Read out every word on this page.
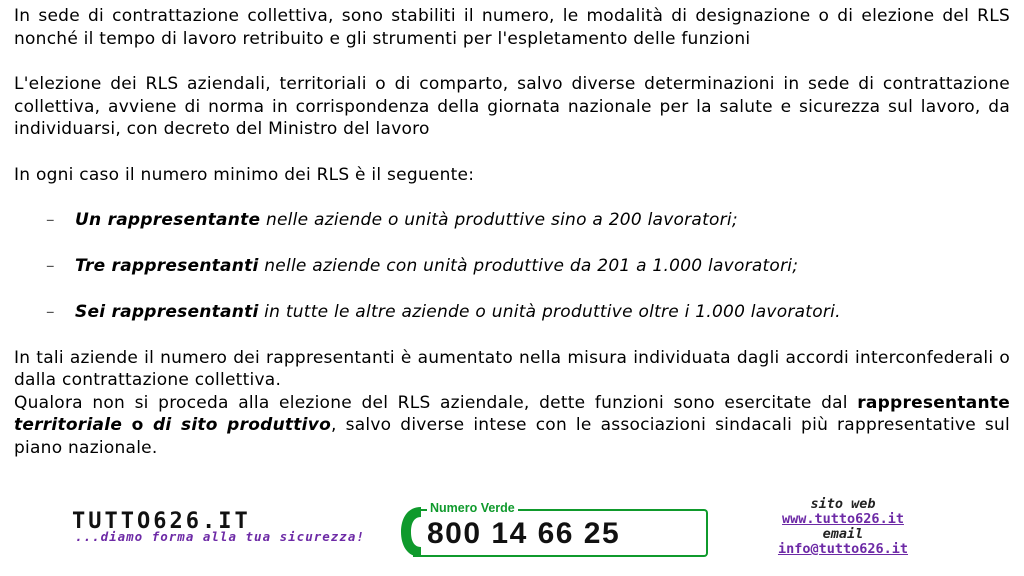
In sede di contrattazione collettiva, sono stabiliti il numero, le modalità di designazione o di elezione del RLS nonché il tempo di lavoro retribuito e gli strumenti per l'espletamento delle funzioni

L'elezione dei RLS aziendali, territoriali o di comparto, salvo diverse determinazioni in sede di contrattazione collettiva, avviene di norma in corrispondenza della giornata nazionale per la salute e sicurezza sul lavoro, da individuarsi, con decreto del Ministro del lavoro

In ogni caso il numero minimo dei RLS è il seguente:

– Un rappresentante nelle aziende o unità produttive sino a 200 lavoratori;
– Tre rappresentanti nelle aziende con unità produttive da 201 a 1.000 lavoratori;
– Sei rappresentanti in tutte le altre aziende o unità produttive oltre i 1.000 lavoratori.

In tali aziende il numero dei rappresentanti è aumentato nella misura individuata dagli accordi interconfederali o dalla contrattazione collettiva.

Qualora non si proceda alla elezione del RLS aziendale, dette funzioni sono esercitate dal rappresentante territoriale o di sito produttivo, salvo diverse intese con le associazioni sindacali più rappresentative sul piano nazionale.

TUTTO626.IT
...diamo forma alla tua sicurezza!
Numero Verde
800 14 66 25
sito web
www.tutto626.it
email
info@tutto626.it
